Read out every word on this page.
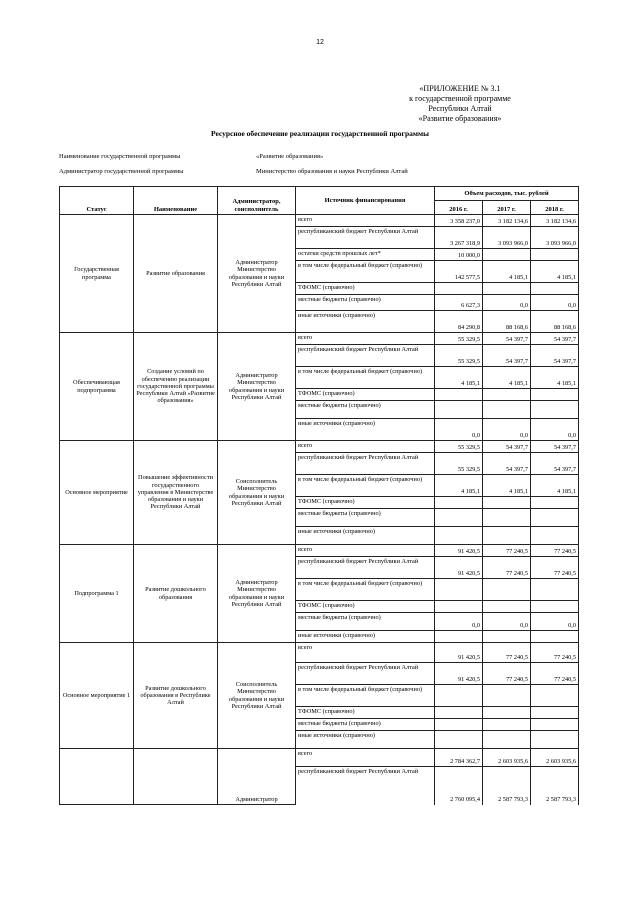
12
«ПРИЛОЖЕНИЕ № 3.1
к государственной программе
Республики Алтай
«Развитие образования»
Ресурсное обеспечение реализации государственной программы
Наименование государственной программы	«Развитие образования»
Администратор государственной программы	Министерство образования и науки Республики Алтай
Статус	Наименование	Администратор, соисполнитель	Источник финансирования	Объем расходов, тыс. рублей		
				2016 г.	2017 г.	2018 г.
Государственная программа	Развитие образования	Администратор Министерство образования и науки Республики Алтай	всего	3 358 237,0	3 182 134,6	3 182 134,6
			республиканский бюджет Республики Алтай	3 267 318,9	3 093 966,0	3 093 966,0
			остатки средств прошлых лет*	10 000,0		
			в том числе федеральный бюджет (справочно)	142 577,5	4 185,1	4 185,1
			ТФОМС (справочно)			
			местные бюджеты (справочно)	6 627,3	0,0	0,0
			иные источники (справочно)	84 290,8	88 168,6	88 168,6
Обеспечивающая подпрограмма	Создание условий по обеспечению реализации государственной программы Республики Алтай «Развитие образования»	Администратор Министерство образования и науки Республики Алтай	всего	55 329,5	54 397,7	54 397,7
			республиканский бюджет Республики Алтай	55 329,5	54 397,7	54 397,7
			в том числе федеральный бюджет (справочно)	4 185,1	4 185,1	4 185,1
			ТФОМС (справочно)			
			местные бюджеты (справочно)			
			иные источники (справочно)	0,0	0,0	0,0
Основное мероприятие	Повышение эффективности государственного управления в Министерстве образования и науки Республики Алтай	Соисполнитель Министерство образования и науки Республики Алтай	всего	55 329,5	54 397,7	54 397,7
			республиканский бюджет Республики Алтай	55 329,5	54 397,7	54 397,7
			в том числе федеральный бюджет (справочно)	4 185,1	4 185,1	4 185,1
			ТФОМС (справочно)			
			местные бюджеты (справочно)			
			иные источники (справочно)			
Подпрограмма 1	Развитие дошкольного образования	Администратор Министерство образования и науки Республики Алтай	всего	91 420,5	77 240,5	77 240,5
			республиканский бюджет Республики Алтай	91 420,5	77 240,5	77 240,5
			в том числе федеральный бюджет (справочно)			
			ТФОМС (справочно)			
			местные бюджеты (справочно)	0,0	0,0	0,0
			иные источники (справочно)			
Основное мероприятие 1	Развитие дошкольного образования в Республике Алтай	Соисполнитель Министерство образования и науки Республики Алтай	всего	91 420,5	77 240,5	77 240,5
			республиканский бюджет Республики Алтай	91 420,5	77 240,5	77 240,5
			в том числе федеральный бюджет (справочно)			
			ТФОМС (справочно)			
			местные бюджеты (справочно)			
			иные источники (справочно)			
		Администратор	всего	2 784 362,7	2 603 935,6	2 603 935,6
			республиканский бюджет Республики Алтай	2 760 095,4	2 587 793,3	2 587 793,3
